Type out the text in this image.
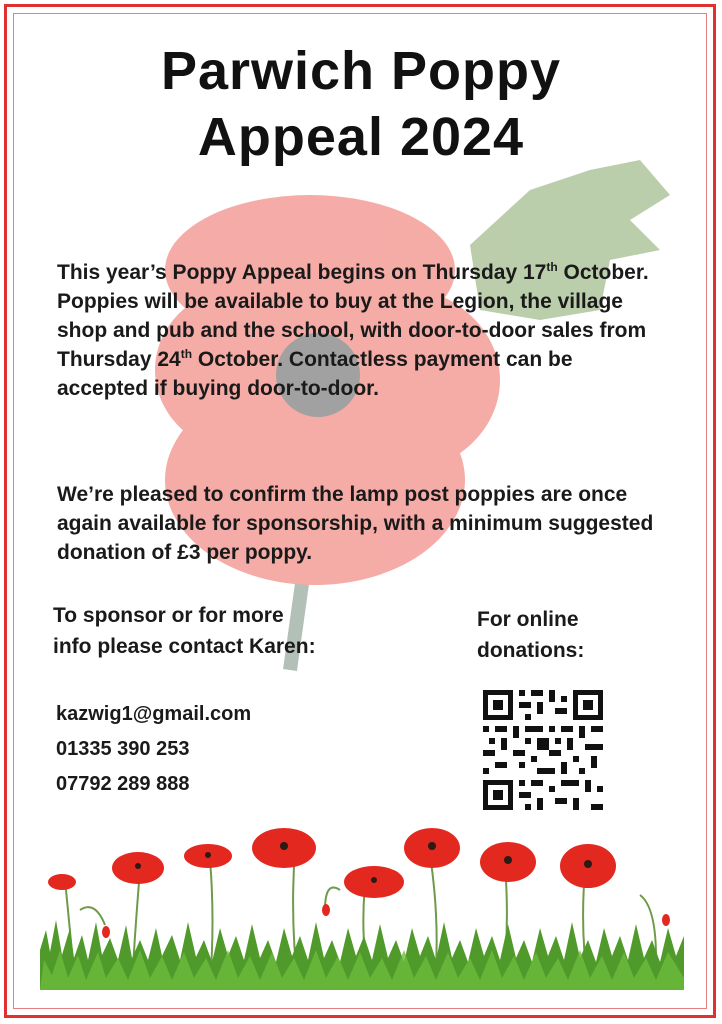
Parwich Poppy
Appeal 2024

This year’s Poppy Appeal begins on Thursday 17th October. Poppies will be available to buy at the Legion, the village shop and pub and the school, with door-to-door sales from Thursday 24th October. Contactless payment can be accepted if buying door-to-door.

We’re pleased to confirm the lamp post poppies are once again available for sponsorship, with a minimum suggested donation of £3 per poppy.

To sponsor or for more
info please contact Karen:

For online
donations:

kazwig1@gmail.com
01335 390 253
07792 289 888
